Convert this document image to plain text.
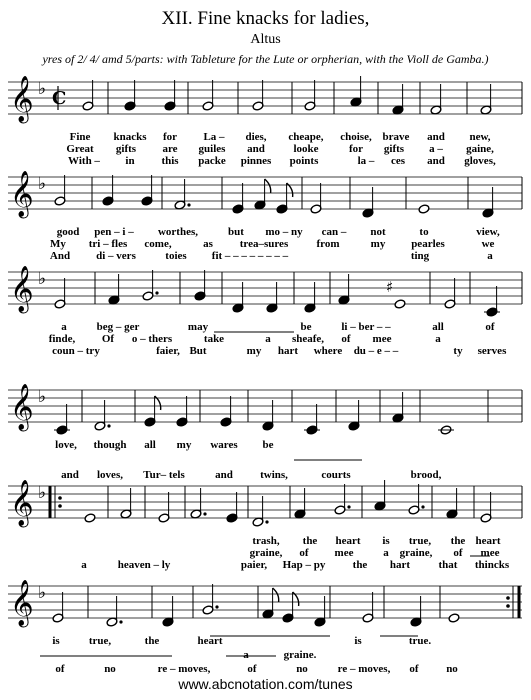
XII. Fine knacks for ladies,
Altus
yres of 2/ 4/ amd 5/parts: with Tableture for the Lute or orpherian, with the Violl de Gamba.)
𝄞 ♭ C
Fine knacks for La – dies, cheape, choise, brave and new,
Great gifts are guiles and	looke	for gifts a – gaine,
With – in this packe pinnes points	la – ces and gloves,
𝄞 ♭
good pen – i – worthes,	but mo – ny can – not	to	view,
My tri – fles come,	as trea–sures	from	my pearles	we
And di – vers	toies fit – – – – – – – –	ting	a
𝄞 ♭	♯
a	beg – ger	may	be	li – ber – –	all	of
finde, Of o – thers	take	a sheafe, of mee	a
coun – try	faier, But	my hart where du – e – –	ty serves
𝄞 ♭
love, though all my wares be
and loves, Tur– tels	and twins,	courts	brood,
𝄞 ♭
trash, the heart is true, the heart
graine, of mee	a graine, of mee
a	heaven – ly	paier, Hap – py the hart	that thincks
𝄞 ♭
is	true,	the	heart	is	true.
a	graine.
of	no	re – moves,	of	no	re – moves, of	no
www.abcnotation.com/tunes
